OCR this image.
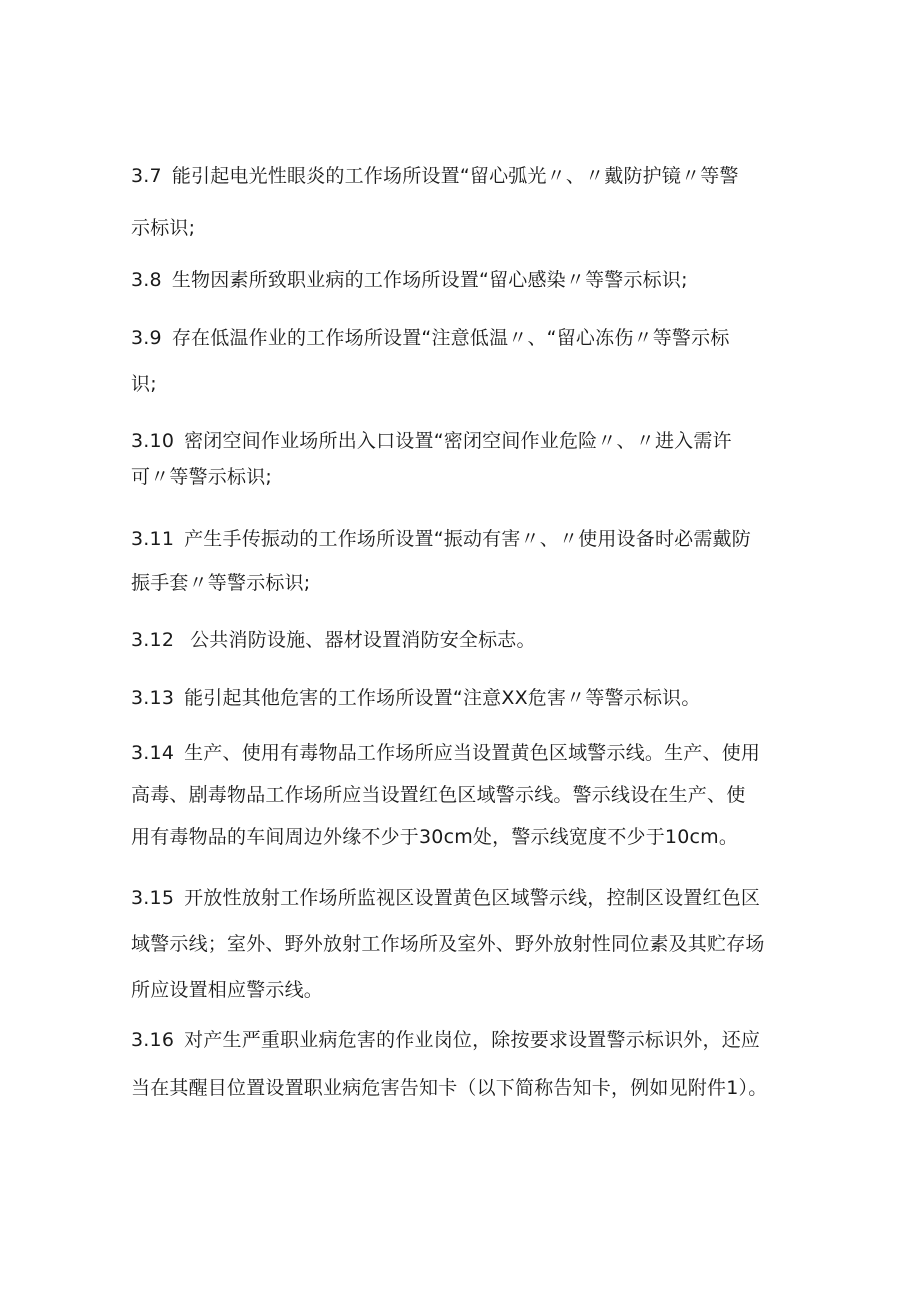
3.7 能引起电光性眼炎的工作场所设置“留心弧光〃、〃戴防护镜〃等警
示标识;
3.8 生物因素所致职业病的工作场所设置“留心感染〃等警示标识;
3.9 存在低温作业的工作场所设置“注意低温〃、“留心冻伤〃等警示标
识;
3.10 密闭空间作业场所出入口设置“密闭空间作业危险〃、〃进入需许
可〃等警示标识;
3.11 产生手传振动的工作场所设置“振动有害〃、〃使用设备时必需戴防
振手套〃等警示标识;
3.12 公共消防设施、器材设置消防安全标志。
3.13 能引起其他危害的工作场所设置“注意XX危害〃等警示标识。
3.14 生产、使用有毒物品工作场所应当设置黄色区域警示线。生产、使用
高毒、剧毒物品工作场所应当设置红色区域警示线。警示线设在生产、使
用有毒物品的车间周边外缘不少于30cm处，警示线宽度不少于10cm。
3.15 开放性放射工作场所监视区设置黄色区域警示线，控制区设置红色区
域警示线；室外、野外放射工作场所及室外、野外放射性同位素及其贮存场
所应设置相应警示线。
3.16 对产生严重职业病危害的作业岗位，除按要求设置警示标识外，还应
当在其醒目位置设置职业病危害告知卡（以下简称告知卡，例如见附件1）。
